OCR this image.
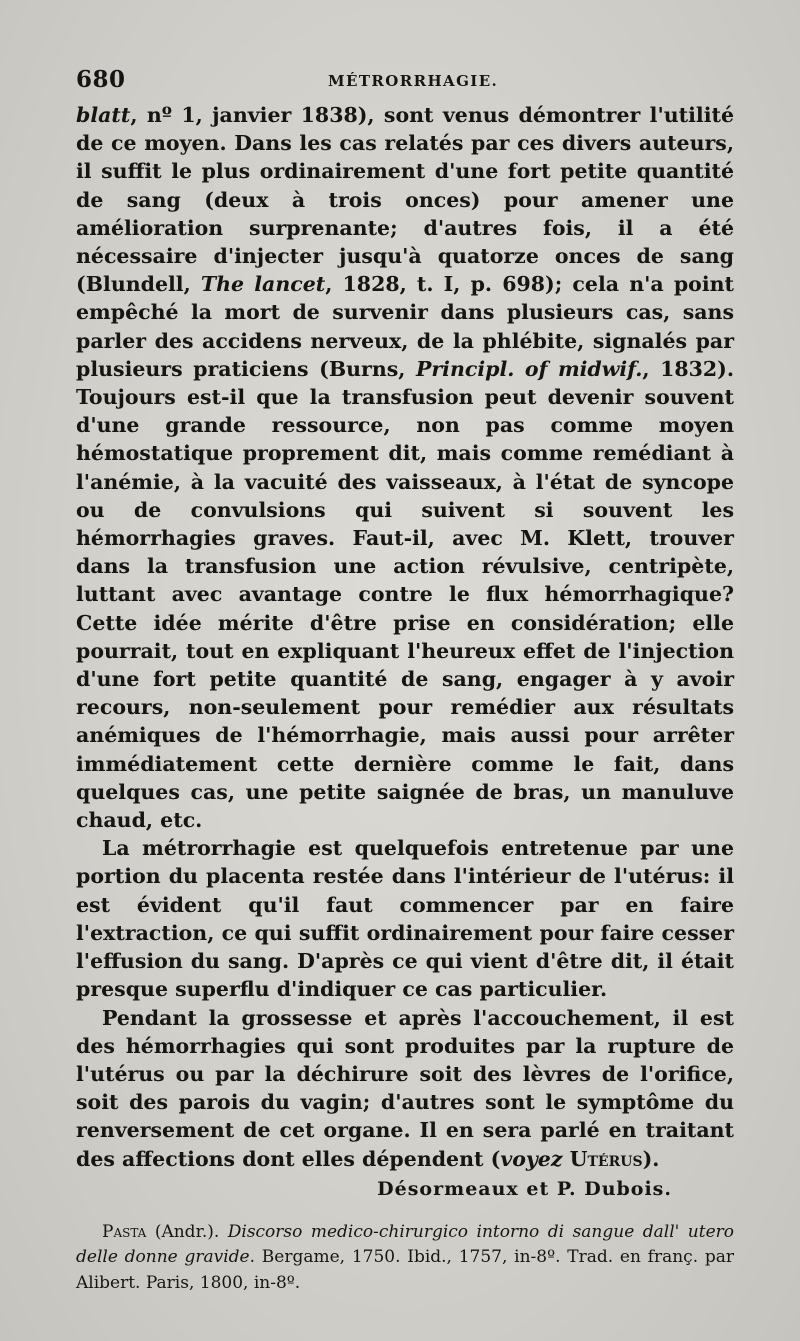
680	MÉTRORRHAGIE.

blatt, nº 1, janvier 1838), sont venus démontrer l'utilité de ce moyen. Dans les cas relatés par ces divers auteurs, il suffit le plus ordinairement d'une fort petite quantité de sang (deux à trois onces) pour amener une amélioration surprenante; d'autres fois, il a été nécessaire d'injecter jusqu'à quatorze onces de sang (Blundell, The lancet, 1828, t. I, p. 698); cela n'a point empêché la mort de survenir dans plusieurs cas, sans parler des accidens nerveux, de la phlébite, signalés par plusieurs praticiens (Burns, Principl. of midwif., 1832). Toujours est-il que la transfusion peut devenir souvent d'une grande ressource, non pas comme moyen hémostatique proprement dit, mais comme remédiant à l'anémie, à la vacuité des vaisseaux, à l'état de syncope ou de convulsions qui suivent si souvent les hémorrhagies graves. Faut-il, avec M. Klett, trouver dans la transfusion une action révulsive, centripète, luttant avec avantage contre le flux hémorrhagique? Cette idée mérite d'être prise en considération; elle pourrait, tout en expliquant l'heureux effet de l'injection d'une fort petite quantité de sang, engager à y avoir recours, non-seulement pour remédier aux résultats anémiques de l'hémorrhagie, mais aussi pour arrêter immédiatement cette dernière comme le fait, dans quelques cas, une petite saignée de bras, un manuluve chaud, etc.

La métrorrhagie est quelquefois entretenue par une portion du placenta restée dans l'intérieur de l'utérus: il est évident qu'il faut commencer par en faire l'extraction, ce qui suffit ordinairement pour faire cesser l'effusion du sang. D'après ce qui vient d'être dit, il était presque superflu d'indiquer ce cas particulier.

Pendant la grossesse et après l'accouchement, il est des hémorrhagies qui sont produites par la rupture de l'utérus ou par la déchirure soit des lèvres de l'orifice, soit des parois du vagin; d'autres sont le symptôme du renversement de cet organe. Il en sera parlé en traitant des affections dont elles dépendent (voyez Utérus).

Désormeaux et P. Dubois.

Pasta (Andr.). Discorso medico-chirurgico intorno di sangue dall' utero delle donne gravide. Bergame, 1750. Ibid., 1757, in-8º. Trad. en franç. par Alibert. Paris, 1800, in-8º.
